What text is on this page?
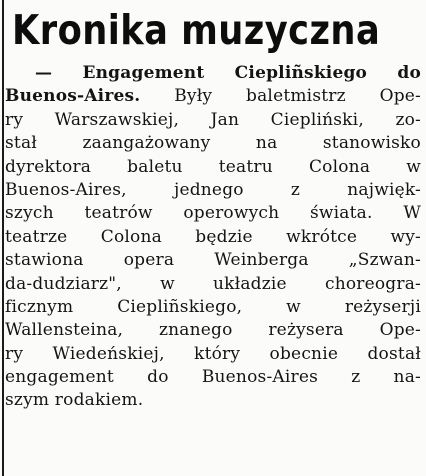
Kronika muzyczna
— Engagement Ciepliñskiego do
Buenos-Aires. Były baletmistrz Ope-
ry Warszawskiej, Jan Ciepliński, zo-
stał zaangażowany na stanowisko
dyrektora baletu teatru Colona w
Buenos-Aires, jednego z najwięk-
szych teatrów operowych świata. W
teatrze Colona będzie wkrótce wy-
stawiona opera Weinberga „Szwan-
da-dudziarz", w układzie choreogra-
ficznym Ciepliñskiego, w reżyserji
Wallensteina, znanego reżysera Ope-
ry Wiedeńskiej, który obecnie dostał
engagement do Buenos-Aires z na-
szym rodakiem.
